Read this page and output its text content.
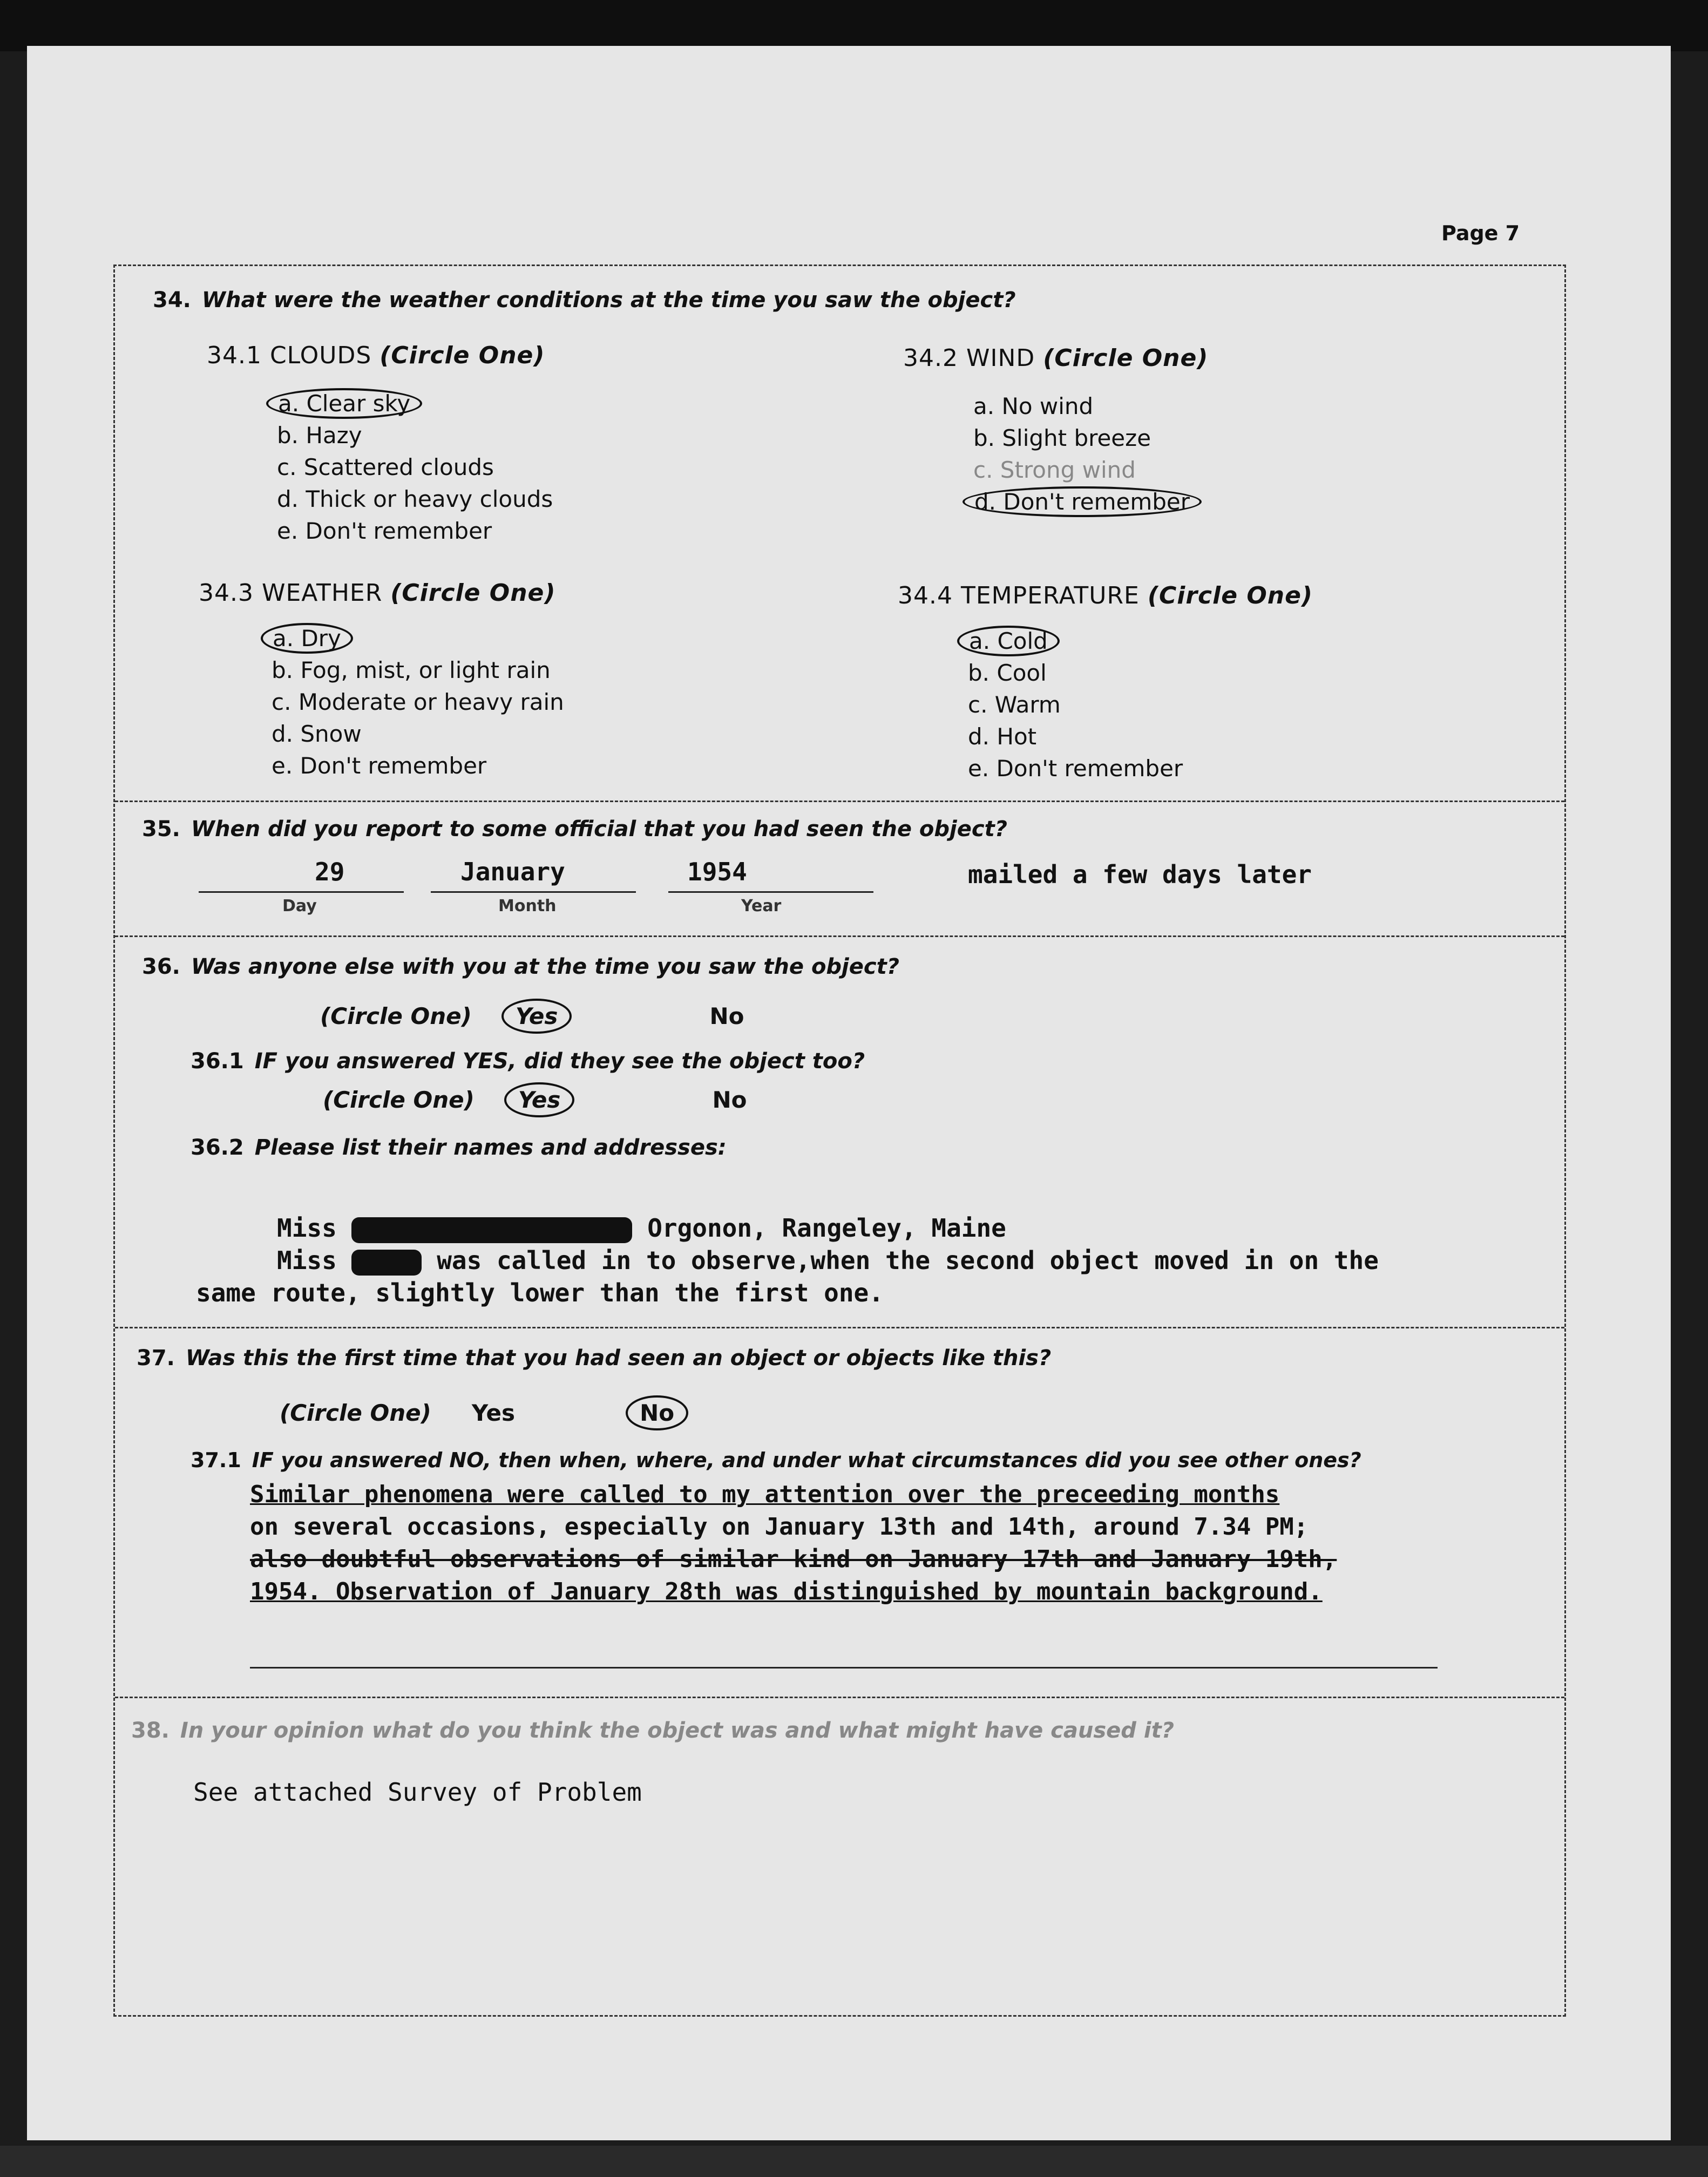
Page 7
34. What were the weather conditions at the time you saw the object?
34.1 CLOUDS (Circle One)
a. Clear sky
b. Hazy
c. Scattered clouds
d. Thick or heavy clouds
e. Don't remember
34.2 WIND (Circle One)
a. No wind
b. Slight breeze
c. Strong wind
d. Don't remember
34.3 WEATHER (Circle One)
a. Dry
b. Fog, mist, or light rain
c. Moderate or heavy rain
d. Snow
e. Don't remember
34.4 TEMPERATURE (Circle One)
a. Cold
b. Cool
c. Warm
d. Hot
e. Don't remember
35. When did you report to some official that you had seen the object?
29
Day
January
Month
1954
Year
mailed a few days later
36. Was anyone else with you at the time you saw the object?
(Circle One) Yes	No
36.1 IF you answered YES, did they see the object too?
(Circle One) Yes	No
36.2 Please list their names and addresses:
Miss	Orgonon, Rangeley, Maine
Miss	was called in to observe,when the second object moved in on the
same route, slightly lower than the first one.
37. Was this the first time that you had seen an object or objects like this?
(Circle One) Yes	No
37.1 IF you answered NO, then when, where, and under what circumstances did you see other ones?
Similar phenomena were called to my attention over the preceeding months
on several occasions, especially on January 13th and 14th, around 7.34 PM;
also doubtful observations of similar kind on January 17th and January 19th,
1954. Observation of January 28th was distinguished by mountain background.
38. In your opinion what do you think the object was and what might have caused it?
See attached Survey of Problem
